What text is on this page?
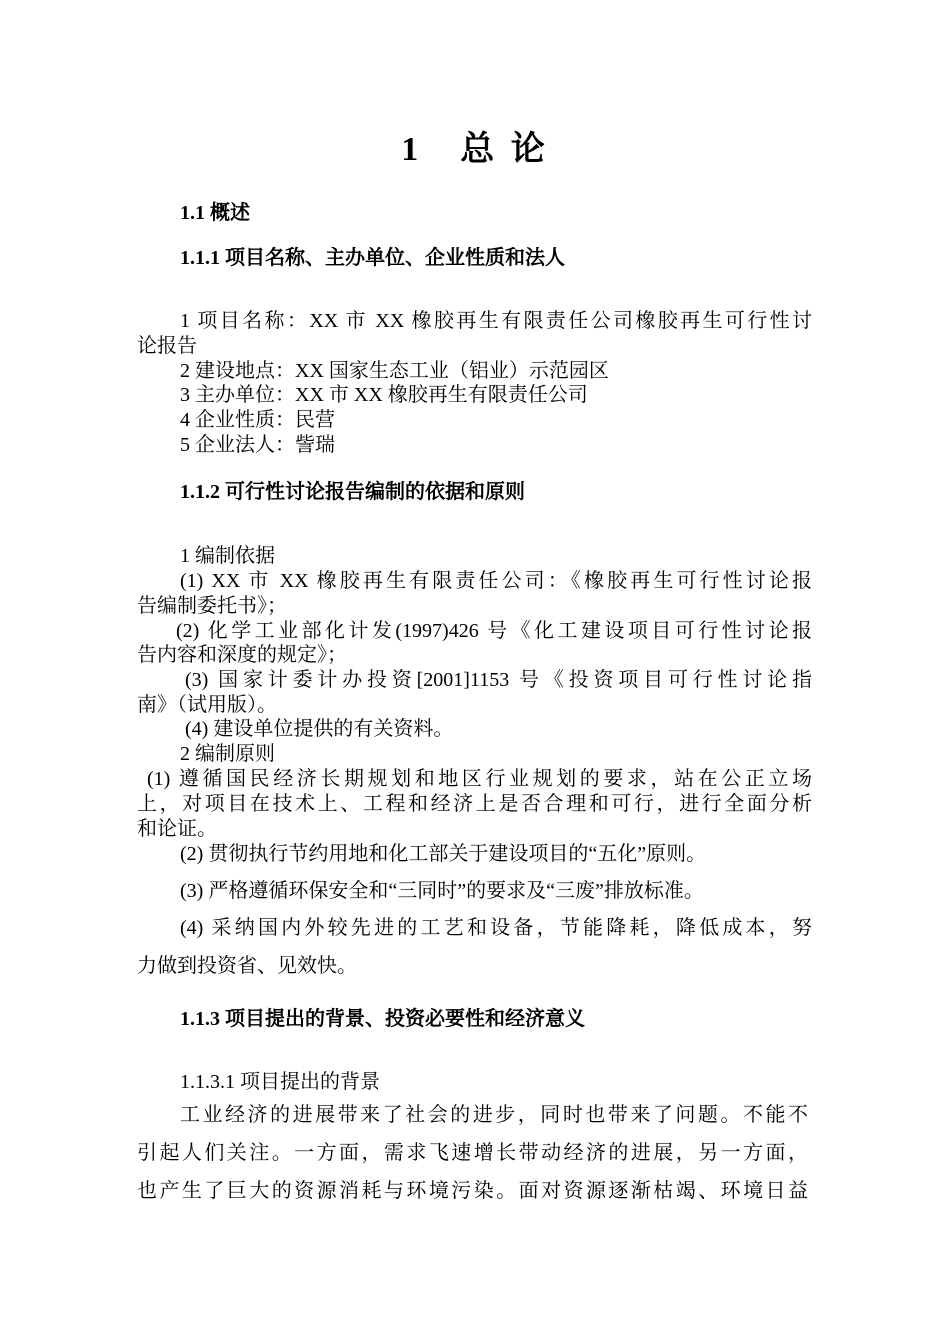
1　总 论
1.1 概述
1.1.1 项目名称、主办单位、企业性质和法人
1 项目名称：XX 市 XX 橡胶再生有限责任公司橡胶再生可行性讨
论报告
2 建设地点：XX 国家生态工业（铝业）示范园区
3 主办单位：XX 市 XX 橡胶再生有限责任公司
4 企业性质：民营
5 企业法人：訾瑞
1.1.2 可行性讨论报告编制的依据和原则
1 编制依据
(1) XX 市 XX 橡胶再生有限责任公司：《橡胶再生可行性讨论报
告编制委托书》；
(2) 化学工业部化计发(1997)426 号《化工建设项目可行性讨论报
告内容和深度的规定》；
(3) 国家计委计办投资[2001]1153 号《投资项目可行性讨论指
南》（试用版）。
(4) 建设单位提供的有关资料。
2 编制原则
(1) 遵循国民经济长期规划和地区行业规划的要求，站在公正立场
上，对项目在技术上、工程和经济上是否合理和可行，进行全面分析
和论证。
(2) 贯彻执行节约用地和化工部关于建设项目的“五化”原则。
(3) 严格遵循环保安全和“三同时”的要求及“三废”排放标准。
(4) 采纳国内外较先进的工艺和设备，节能降耗，降低成本，努
力做到投资省、见效快。
1.1.3 项目提出的背景、投资必要性和经济意义
1.1.3.1 项目提出的背景
工业经济的进展带来了社会的进步，同时也带来了问题。不能不
引起人们关注。一方面，需求飞速增长带动经济的进展，另一方面，
也产生了巨大的资源消耗与环境污染。面对资源逐渐枯竭、环境日益
